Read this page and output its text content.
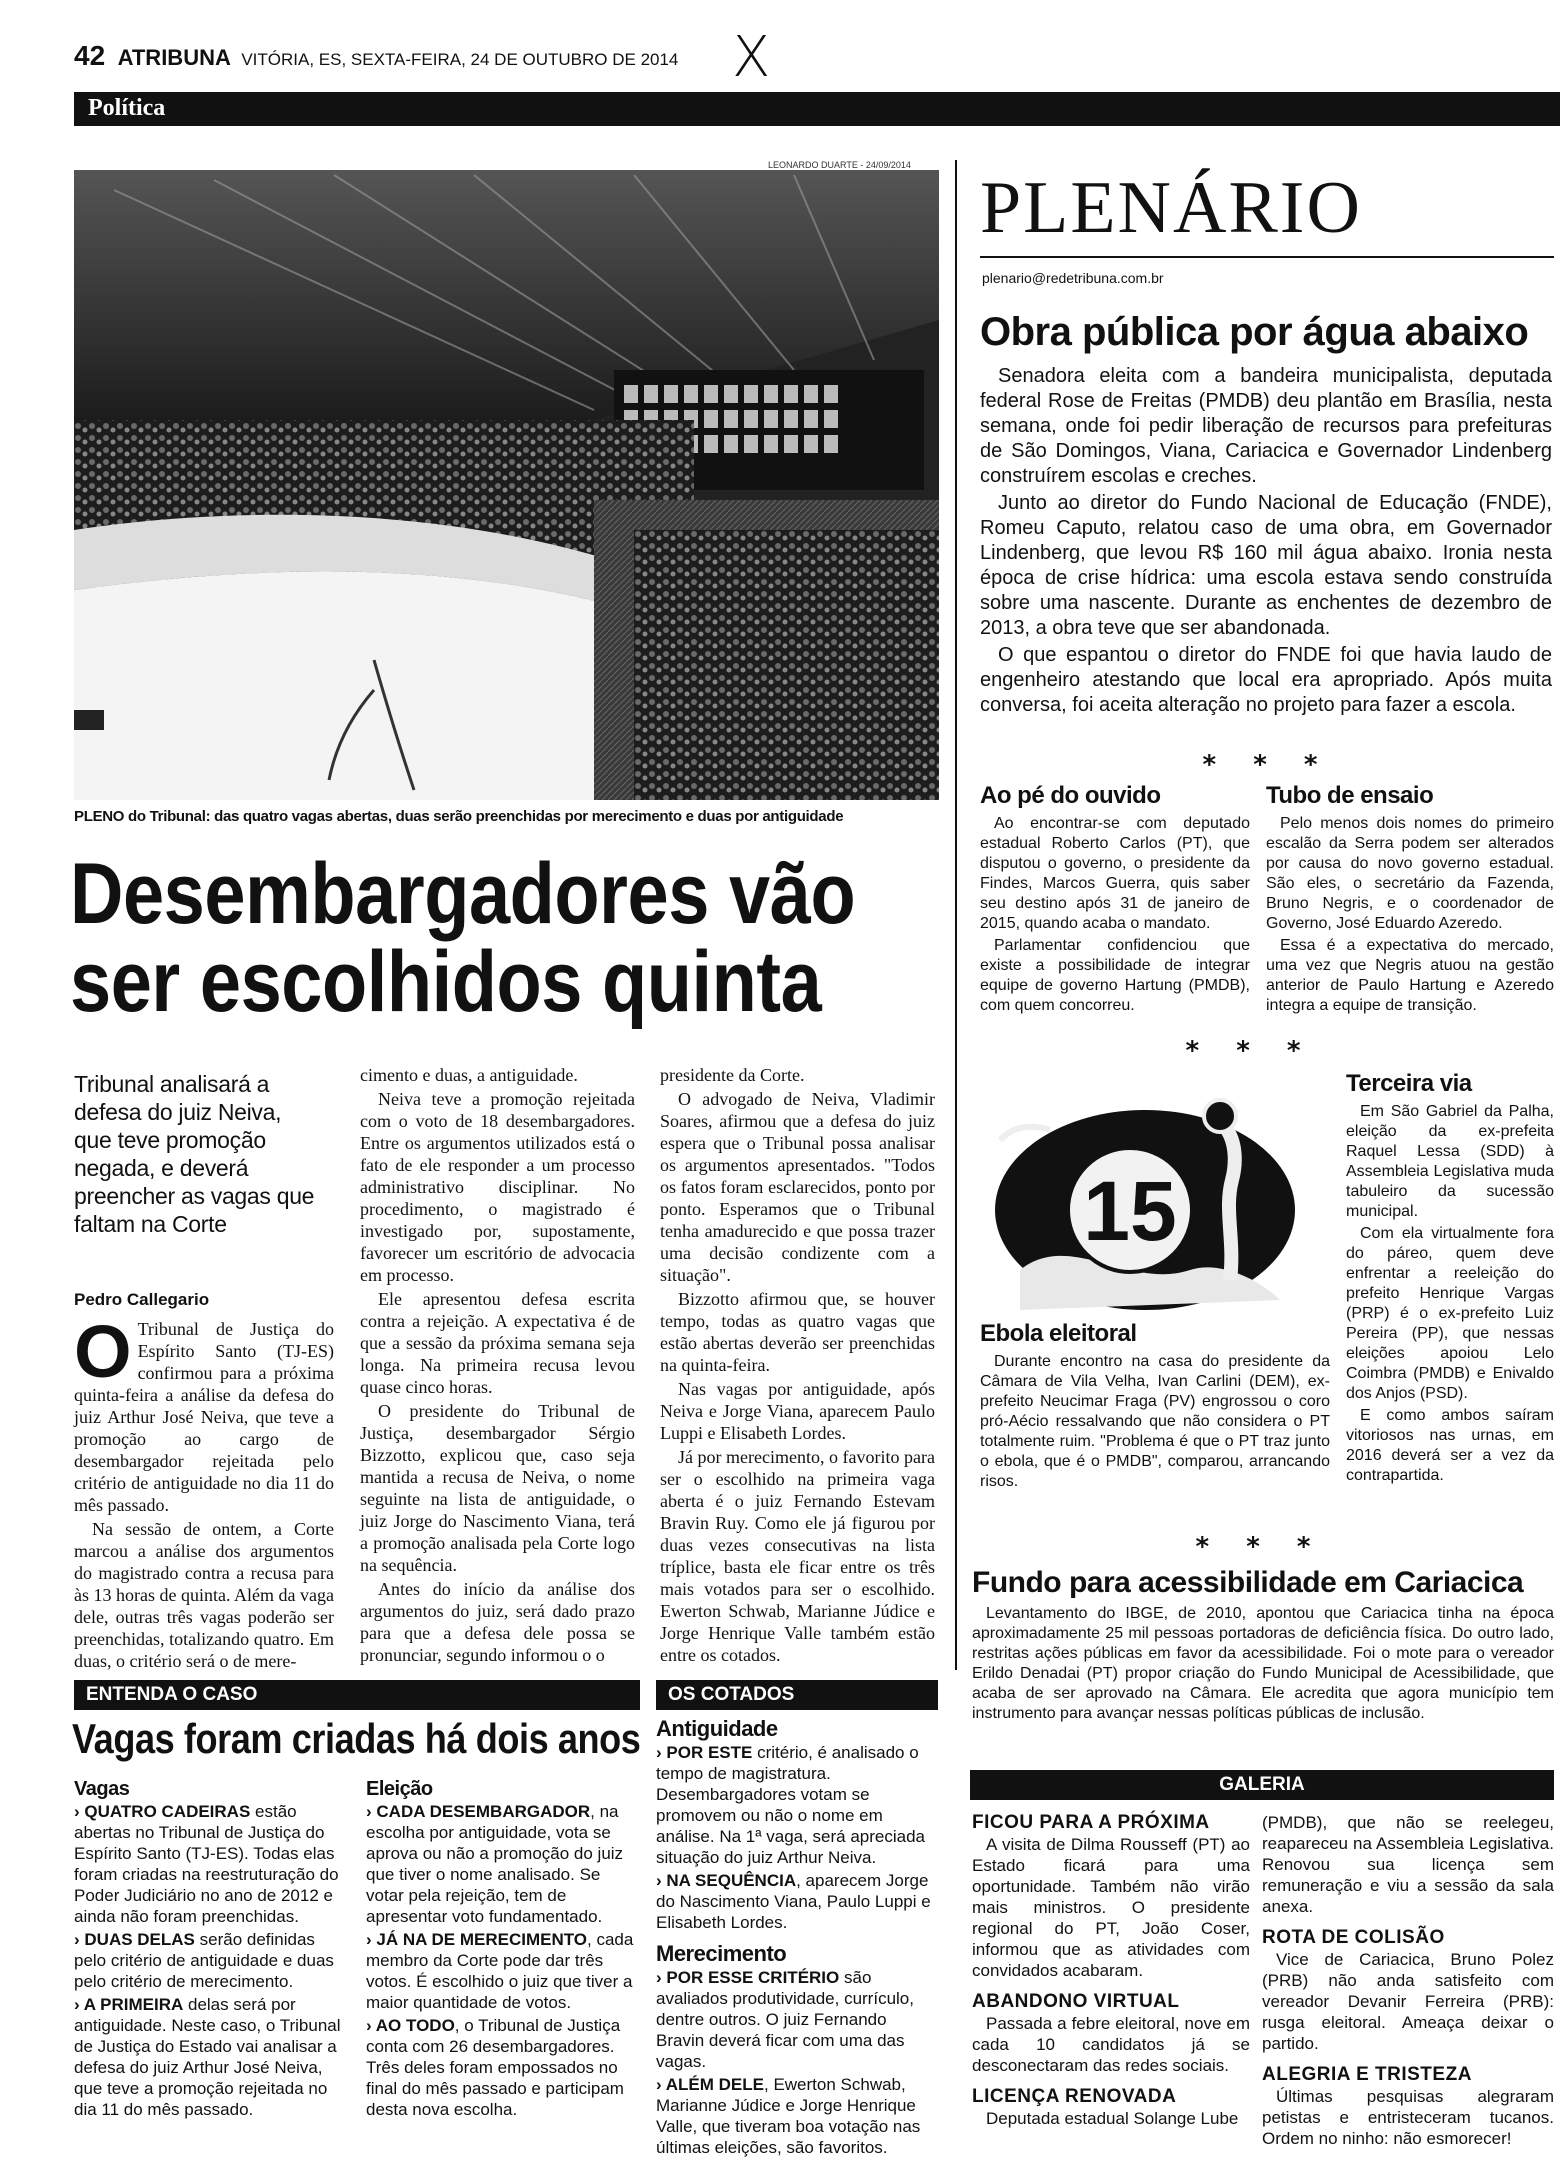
42 ATRIBUNA VITÓRIA, ES, SEXTA-FEIRA, 24 DE OUTUBRO DE 2014 X
Política
LEONARDO DUARTE - 24/09/2014
PLENO do Tribunal: das quatro vagas abertas, duas serão preenchidas por merecimento e duas por antiguidade
Desembargadores vão
ser escolhidos quinta
Tribunal analisará a defesa do juiz Neiva, que teve promoção negada, e deverá preencher as vagas que faltam na Corte
Pedro Callegario
O Tribunal de Justiça do Espírito Santo (TJ-ES) confirmou para a próxima quinta-feira a análise da defesa do juiz Arthur José Neiva, que teve a promoção ao cargo de desembargador rejeitada pelo critério de antiguidade no dia 11 do mês passado.

Na sessão de ontem, a Corte marcou a análise dos argumentos do magistrado contra a recusa para às 13 horas de quinta. Além da vaga dele, outras três vagas poderão ser preenchidas, totalizando quatro. Em duas, o critério será o de mere-

cimento e duas, a antiguidade.

Neiva teve a promoção rejeitada com o voto de 18 desembargadores. Entre os argumentos utilizados está o fato de ele responder a um processo administrativo disciplinar. No procedimento, o magistrado é investigado por, supostamente, favorecer um escritório de advocacia em processo.

Ele apresentou defesa escrita contra a rejeição. A expectativa é de que a sessão da próxima semana seja longa. Na primeira recusa levou quase cinco horas.

O presidente do Tribunal de Justiça, desembargador Sérgio Bizzotto, explicou que, caso seja mantida a recusa de Neiva, o nome seguinte na lista de antiguidade, o juiz Jorge do Nascimento Viana, terá a promoção analisada pela Corte logo na sequência.

Antes do início da análise dos argumentos do juiz, será dado prazo para que a defesa dele possa se pronunciar, segundo informou o o

presidente da Corte.

O advogado de Neiva, Vladimir Soares, afirmou que a defesa do juiz espera que o Tribunal possa analisar os argumentos apresentados. "Todos os fatos foram esclarecidos, ponto por ponto. Esperamos que o Tribunal tenha amadurecido e que possa trazer uma decisão condizente com a situação".

Bizzotto afirmou que, se houver tempo, todas as quatro vagas que estão abertas deverão ser preenchidas na quinta-feira.

Nas vagas por antiguidade, após Neiva e Jorge Viana, aparecem Paulo Luppi e Elisabeth Lordes.

Já por merecimento, o favorito para ser o escolhido na primeira vaga aberta é o juiz Fernando Estevam Bravin Ruy. Como ele já figurou por duas vezes consecutivas na lista tríplice, basta ele ficar entre os três mais votados para ser o escolhido. Ewerton Schwab, Marianne Júdice e Jorge Henrique Valle também estão entre os cotados.

ENTENDA O CASO
Vagas foram criadas há dois anos
Vagas

› QUATRO CADEIRAS estão abertas no Tribunal de Justiça do Espírito Santo (TJ-ES). Todas elas foram criadas na reestruturação do Poder Judiciário no ano de 2012 e ainda não foram preenchidas.

› DUAS DELAS serão definidas pelo critério de antiguidade e duas pelo critério de merecimento.

› A PRIMEIRA delas será por antiguidade. Neste caso, o Tribunal de Justiça do Estado vai analisar a defesa do juiz Arthur José Neiva, que teve a promoção rejeitada no dia 11 do mês passado.

Eleição

› CADA DESEMBARGADOR, na escolha por antiguidade, vota se aprova ou não a promoção do juiz que tiver o nome analisado. Se votar pela rejeição, tem de apresentar voto fundamentado.

› JÁ NA DE MERECIMENTO, cada membro da Corte pode dar três votos. É escolhido o juiz que tiver a maior quantidade de votos.

› AO TODO, o Tribunal de Justiça conta com 26 desembargadores. Três deles foram empossados no final do mês passado e participam desta nova escolha.

OS COTADOS
Antiguidade

› POR ESTE critério, é analisado o tempo de magistratura. Desembargadores votam se promovem ou não o nome em análise. Na 1ª vaga, será apreciada situação do juiz Arthur Neiva.

› NA SEQUÊNCIA, aparecem Jorge do Nascimento Viana, Paulo Luppi e Elisabeth Lordes.

Merecimento

› POR ESSE CRITÉRIO são avaliados produtividade, currículo, dentre outros. O juiz Fernando Bravin deverá ficar com uma das vagas.

› ALÉM DELE, Ewerton Schwab, Marianne Júdice e Jorge Henrique Valle, que tiveram boa votação nas últimas eleições, são favoritos.

PLENÁRIO
plenario@redetribuna.com.br
Obra pública por água abaixo

Senadora eleita com a bandeira municipalista, deputada federal Rose de Freitas (PMDB) deu plantão em Brasília, nesta semana, onde foi pedir liberação de recursos para prefeituras de São Domingos, Viana, Cariacica e Governador Lindenberg construírem escolas e creches.

Junto ao diretor do Fundo Nacional de Educação (FNDE), Romeu Caputo, relatou caso de uma obra, em Governador Lindenberg, que levou R$ 160 mil água abaixo. Ironia nesta época de crise hídrica: uma escola estava sendo construída sobre uma nascente. Durante as enchentes de dezembro de 2013, a obra teve que ser abandonada.

O que espantou o diretor do FNDE foi que havia laudo de engenheiro atestando que local era apropriado. Após muita conversa, foi aceita alteração no projeto para fazer a escola.

* * *
Ao pé do ouvido

Ao encontrar-se com deputado estadual Roberto Carlos (PT), que disputou o governo, o presidente da Findes, Marcos Guerra, quis saber seu destino após 31 de janeiro de 2015, quando acaba o mandato.

Parlamentar confidenciou que existe a possibilidade de integrar equipe de governo Hartung (PMDB), com quem concorreu.

Tubo de ensaio

Pelo menos dois nomes do primeiro escalão da Serra podem ser alterados por causa do novo governo estadual. São eles, o secretário da Fazenda, Bruno Negris, e o coordenador de Governo, José Eduardo Azeredo.

Essa é a expectativa do mercado, uma vez que Negris atuou na gestão anterior de Paulo Hartung e Azeredo integra a equipe de transição.

* * *
15
Terceira via

Em São Gabriel da Palha, eleição da ex-prefeita Raquel Lessa (SDD) à Assembleia Legislativa muda tabuleiro da sucessão municipal.

Com ela virtualmente fora do páreo, quem deve enfrentar a reeleição do prefeito Henrique Vargas (PRP) é o ex-prefeito Luiz Pereira (PP), que nessas eleições apoiou Lelo Coimbra (PMDB) e Enivaldo dos Anjos (PSD).

E como ambos saíram vitoriosos nas urnas, em 2016 deverá ser a vez da contrapartida.

Ebola eleitoral

Durante encontro na casa do presidente da Câmara de Vila Velha, Ivan Carlini (DEM), ex-prefeito Neucimar Fraga (PV) engrossou o coro pró-Aécio ressalvando que não considera o PT totalmente ruim. "Problema é que o PT traz junto o ebola, que é o PMDB", comparou, arrancando risos.

* * *
Fundo para acessibilidade em Cariacica

Levantamento do IBGE, de 2010, apontou que Cariacica tinha na época aproximadamente 25 mil pessoas portadoras de deficiência física. Do outro lado, restritas ações públicas em favor da acessibilidade. Foi o mote para o vereador Erildo Denadai (PT) propor criação do Fundo Municipal de Acessibilidade, que acaba de ser aprovado na Câmara. Ele acredita que agora município tem instrumento para avançar nessas políticas públicas de inclusão.

GALERIA
FICOU PARA A PRÓXIMA
A visita de Dilma Rousseff (PT) ao Estado ficará para uma oportunidade. Também não virão mais ministros. O presidente regional do PT, João Coser, informou que as atividades com convidados acabaram.
ABANDONO VIRTUAL
Passada a febre eleitoral, nove em cada 10 candidatos já se desconectaram das redes sociais.
LICENÇA RENOVADA
Deputada estadual Solange Lube
(PMDB), que não se reelegeu, reapareceu na Assembleia Legislativa. Renovou sua licença sem remuneração e viu a sessão da sala anexa.
ROTA DE COLISÃO
Vice de Cariacica, Bruno Polez (PRB) não anda satisfeito com vereador Devanir Ferreira (PRB): rusga eleitoral. Ameaça deixar o partido.
ALEGRIA E TRISTEZA
Últimas pesquisas alegraram petistas e entristeceram tucanos. Ordem no ninho: não esmorecer!
